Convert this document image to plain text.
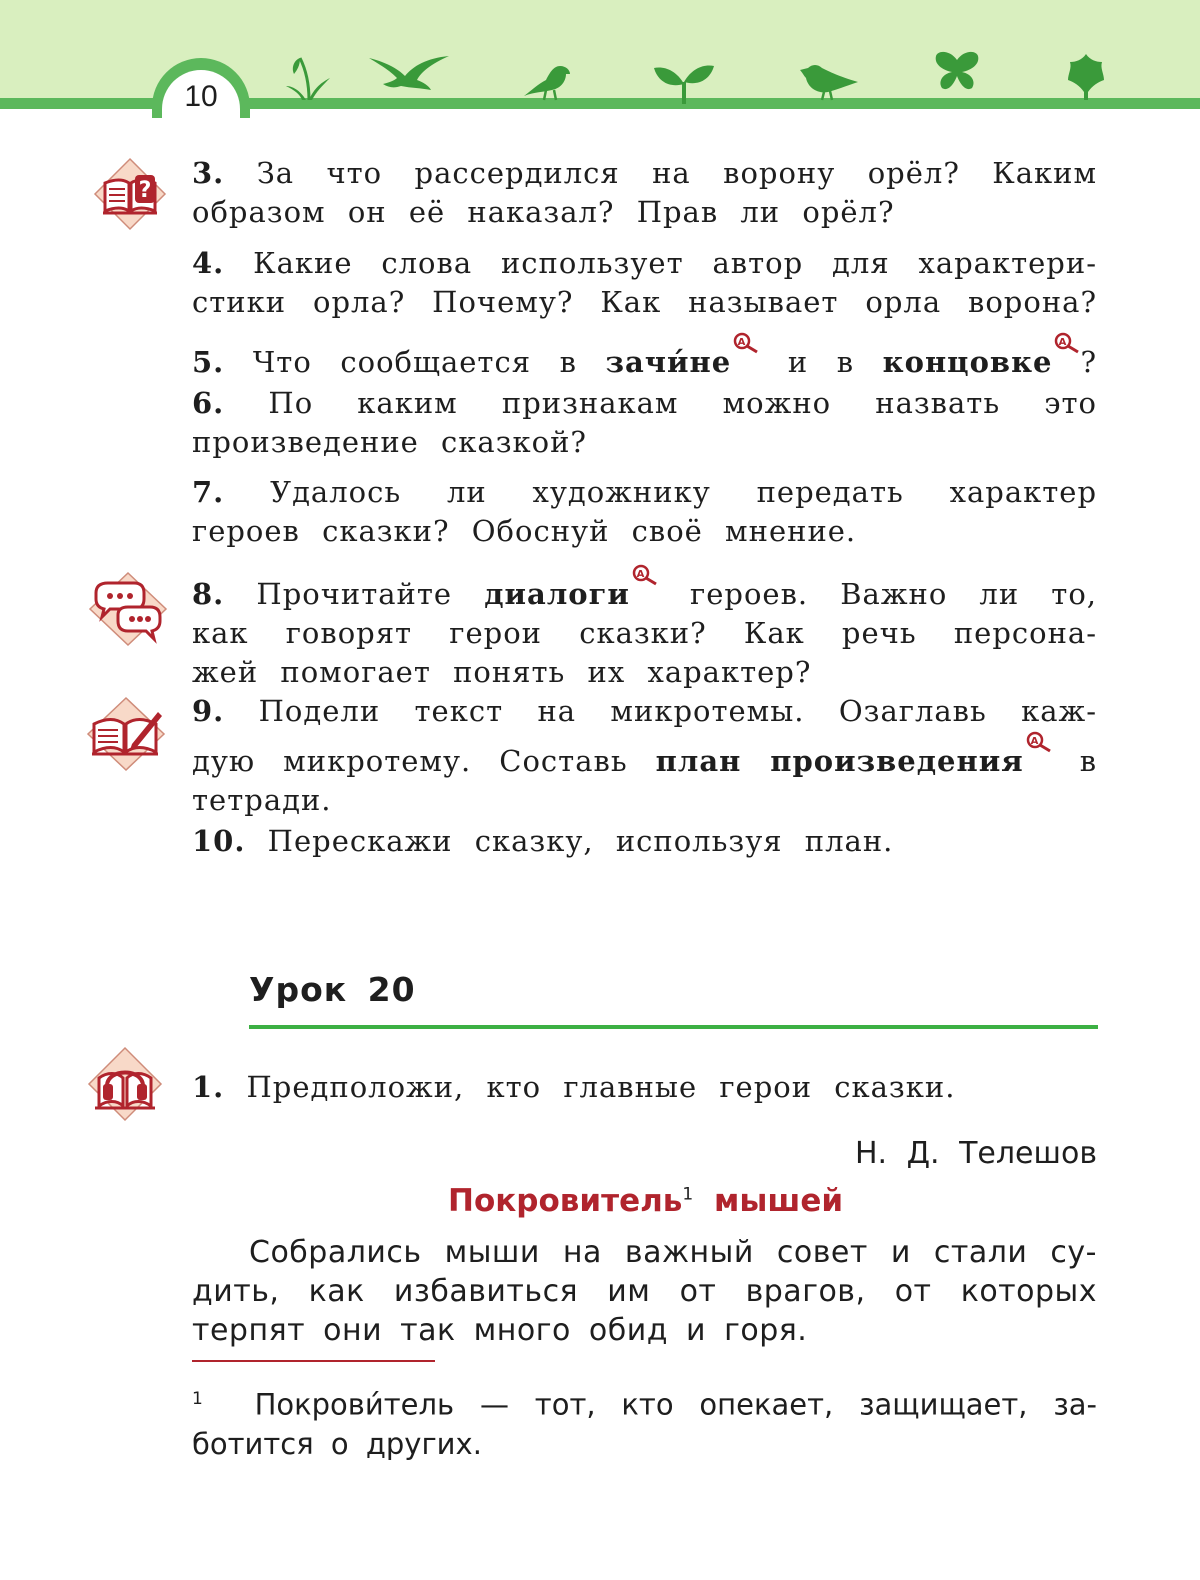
10
?
3. За что рассердился на ворону орёл? Каким
образом он её наказал? Прав ли орёл?
4. Какие слова использует автор для характери-
стики орла? Почему? Как называет орла ворона?
5. Что сообщается в зачи́не
A
и в концовке
A
?
6. По каким признакам можно назвать это
произведение сказкой?
7. Удалось ли художнику передать характер
героев сказки? Обоснуй своё мнение.
8. Прочитайте диалоги
A
героев. Важно ли то,
как говорят герои сказки? Как речь персона-
жей помогает понять их характер?
9. Подели текст на микротемы. Озаглавь каж-
дую микротему. Составь план произведения
A
в
тетради.
10. Перескажи сказку, используя план.
Урок 20
1. Предположи, кто главные герои сказки.
Н. Д. Телешов
Покровитель$^1$ мышей
Собрались мыши на важный совет и стали су-
дить, как избавиться им от врагов, от которых
терпят они так много обид и горя.
$^1$ Покрови́тель — тот, кто опекает, защищает, за-
ботится о других.
